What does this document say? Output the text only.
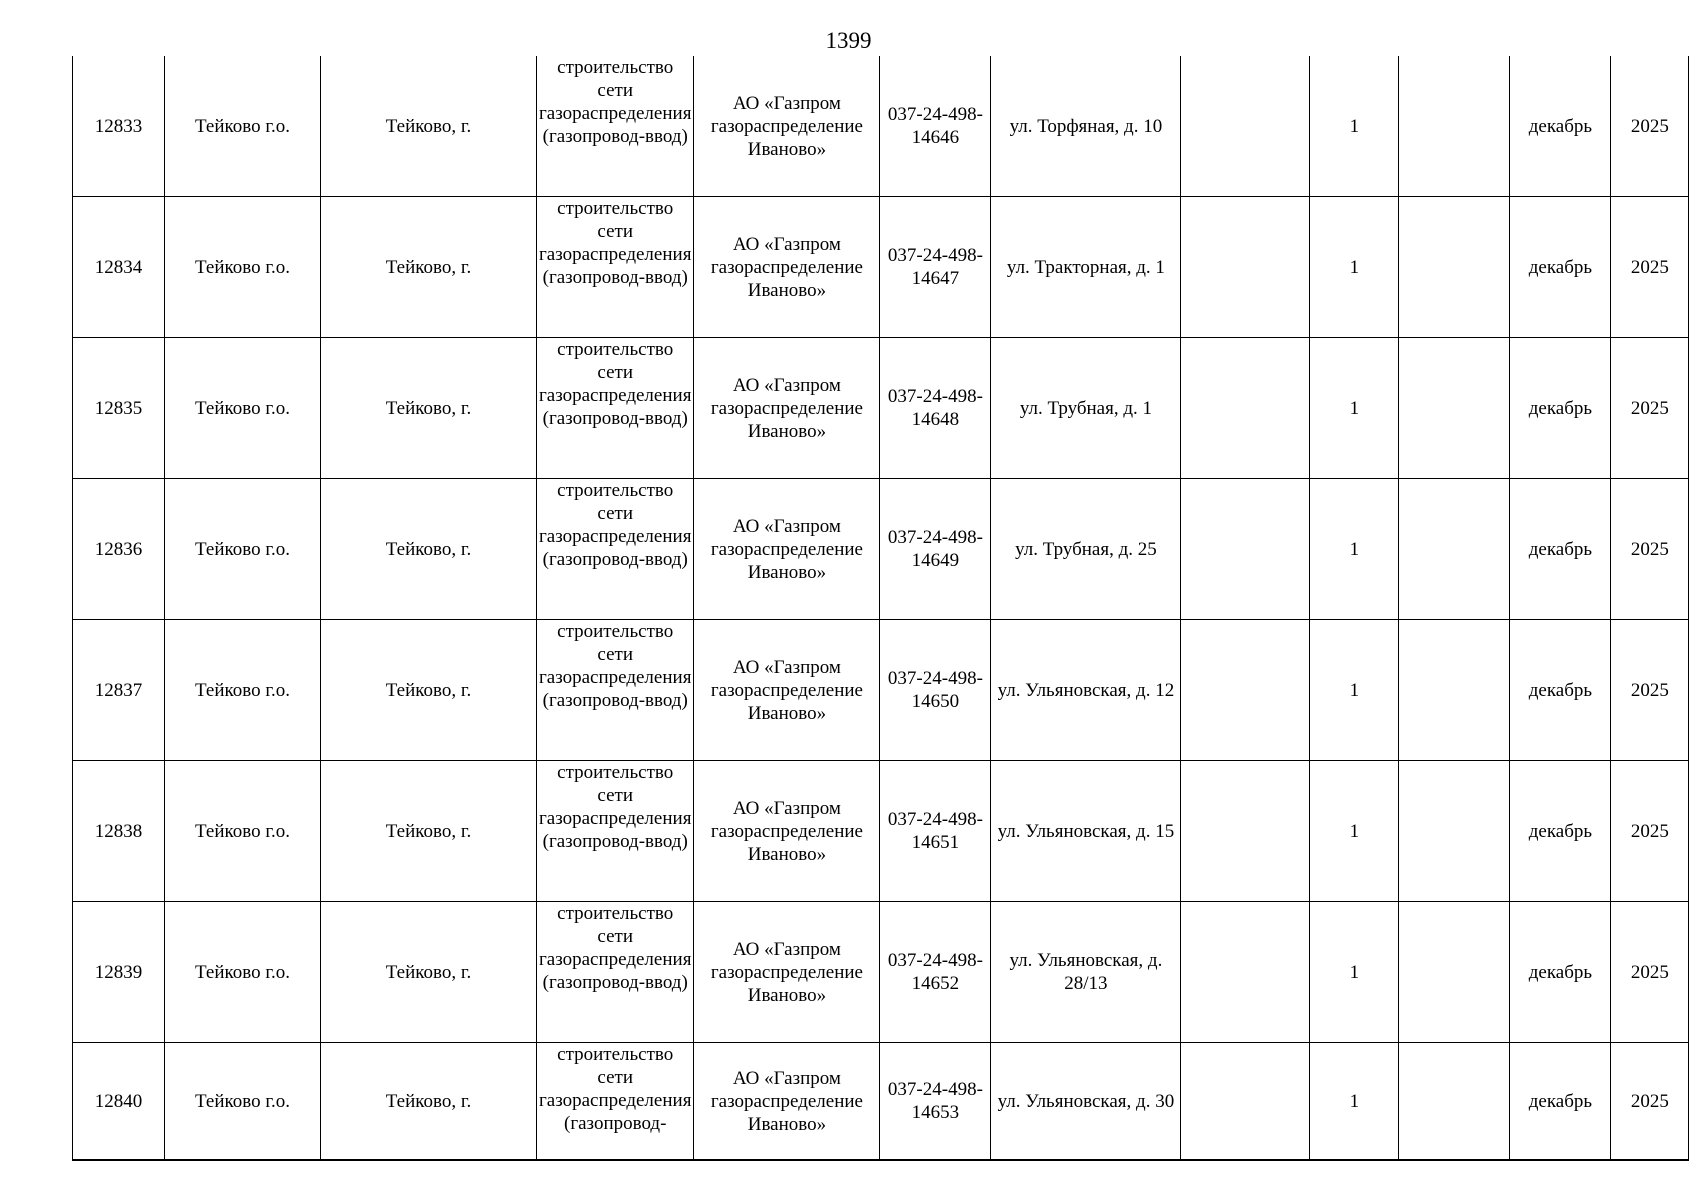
1399
12833	Тейково г.о.	Тейково, г.	строительство сети газораспределения (газопровод-ввод)	АО «Газпром газораспределение Иваново»	037-24-498-14646	ул. Торфяная, д. 10		1		декабрь	2025
12834	Тейково г.о.	Тейково, г.	строительство сети газораспределения (газопровод-ввод)	АО «Газпром газораспределение Иваново»	037-24-498-14647	ул. Тракторная, д. 1		1		декабрь	2025
12835	Тейково г.о.	Тейково, г.	строительство сети газораспределения (газопровод-ввод)	АО «Газпром газораспределение Иваново»	037-24-498-14648	ул. Трубная, д. 1		1		декабрь	2025
12836	Тейково г.о.	Тейково, г.	строительство сети газораспределения (газопровод-ввод)	АО «Газпром газораспределение Иваново»	037-24-498-14649	ул. Трубная, д. 25		1		декабрь	2025
12837	Тейково г.о.	Тейково, г.	строительство сети газораспределения (газопровод-ввод)	АО «Газпром газораспределение Иваново»	037-24-498-14650	ул. Ульяновская, д. 12		1		декабрь	2025
12838	Тейково г.о.	Тейково, г.	строительство сети газораспределения (газопровод-ввод)	АО «Газпром газораспределение Иваново»	037-24-498-14651	ул. Ульяновская, д. 15		1		декабрь	2025
12839	Тейково г.о.	Тейково, г.	строительство сети газораспределения (газопровод-ввод)	АО «Газпром газораспределение Иваново»	037-24-498-14652	ул. Ульяновская, д. 28/13		1		декабрь	2025
12840	Тейково г.о.	Тейково, г.	строительство сети газораспределения (газопровод-	АО «Газпром газораспределение Иваново»	037-24-498-14653	ул. Ульяновская, д. 30		1		декабрь	2025
